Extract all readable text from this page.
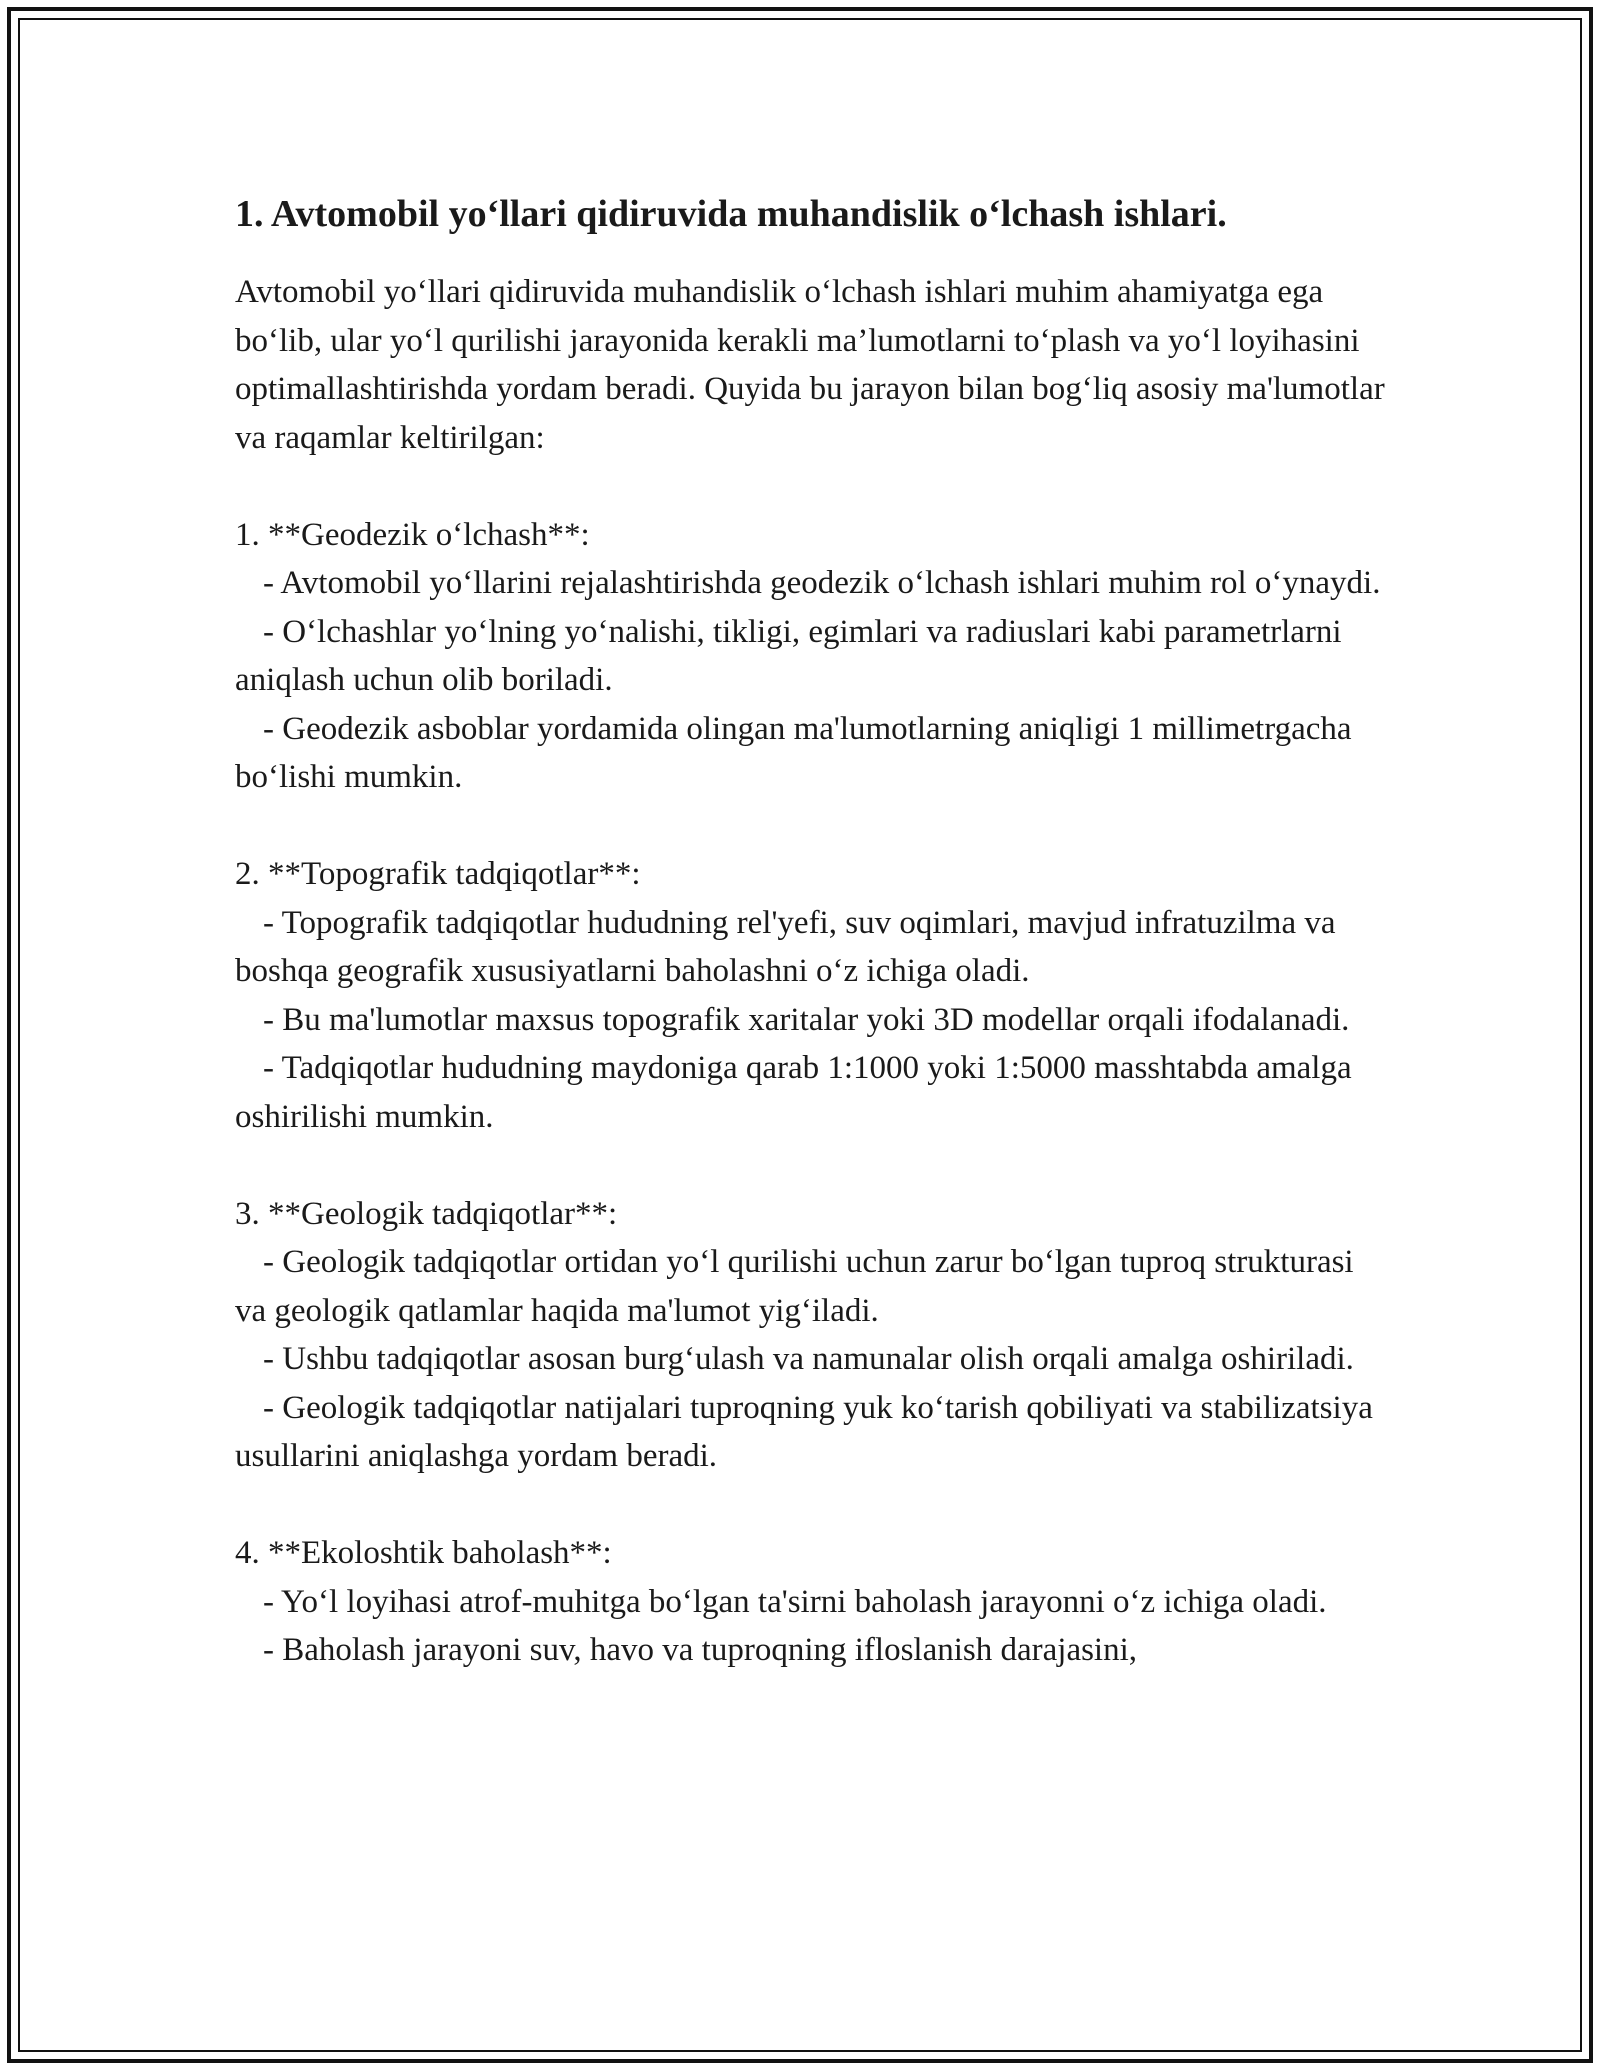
1. Avtomobil yo‘llari qidiruvida muhandislik o‘lchash ishlari.

Avtomobil yo‘llari qidiruvida muhandislik o‘lchash ishlari muhim ahamiyatga ega bo‘lib, ular yo‘l qurilishi jarayonida kerakli ma’lumotlarni to‘plash va yo‘l loyihasini optimallashtirishda yordam beradi. Quyida bu jarayon bilan bog‘liq asosiy ma'lumotlar va raqamlar keltirilgan:

1. **Geodezik o‘lchash**:

- Avtomobil yo‘llarini rejalashtirishda geodezik o‘lchash ishlari muhim rol o‘ynaydi.

- O‘lchashlar yo‘lning yo‘nalishi, tikligi, egimlari va radiuslari kabi parametrlarni aniqlash uchun olib boriladi.

- Geodezik asboblar yordamida olingan ma'lumotlarning aniqligi 1 millimetrgacha bo‘lishi mumkin.

2. **Topografik tadqiqotlar**:

- Topografik tadqiqotlar hududning rel'yefi, suv oqimlari, mavjud infratuzilma va boshqa geografik xususiyatlarni baholashni o‘z ichiga oladi.

- Bu ma'lumotlar maxsus topografik xaritalar yoki 3D modellar orqali ifodalanadi.

- Tadqiqotlar hududning maydoniga qarab 1:1000 yoki 1:5000 masshtabda amalga oshirilishi mumkin.

3. **Geologik tadqiqotlar**:

- Geologik tadqiqotlar ortidan yo‘l qurilishi uchun zarur bo‘lgan tuproq strukturasi va geologik qatlamlar haqida ma'lumot yig‘iladi.

- Ushbu tadqiqotlar asosan burg‘ulash va namunalar olish orqali amalga oshiriladi.

- Geologik tadqiqotlar natijalari tuproqning yuk ko‘tarish qobiliyati va stabilizatsiya usullarini aniqlashga yordam beradi.

4. **Ekoloshtik baholash**:

- Yo‘l loyihasi atrof-muhitga bo‘lgan ta'sirni baholash jarayonni o‘z ichiga oladi.

- Baholash jarayoni suv, havo va tuproqning ifloslanish darajasini,
